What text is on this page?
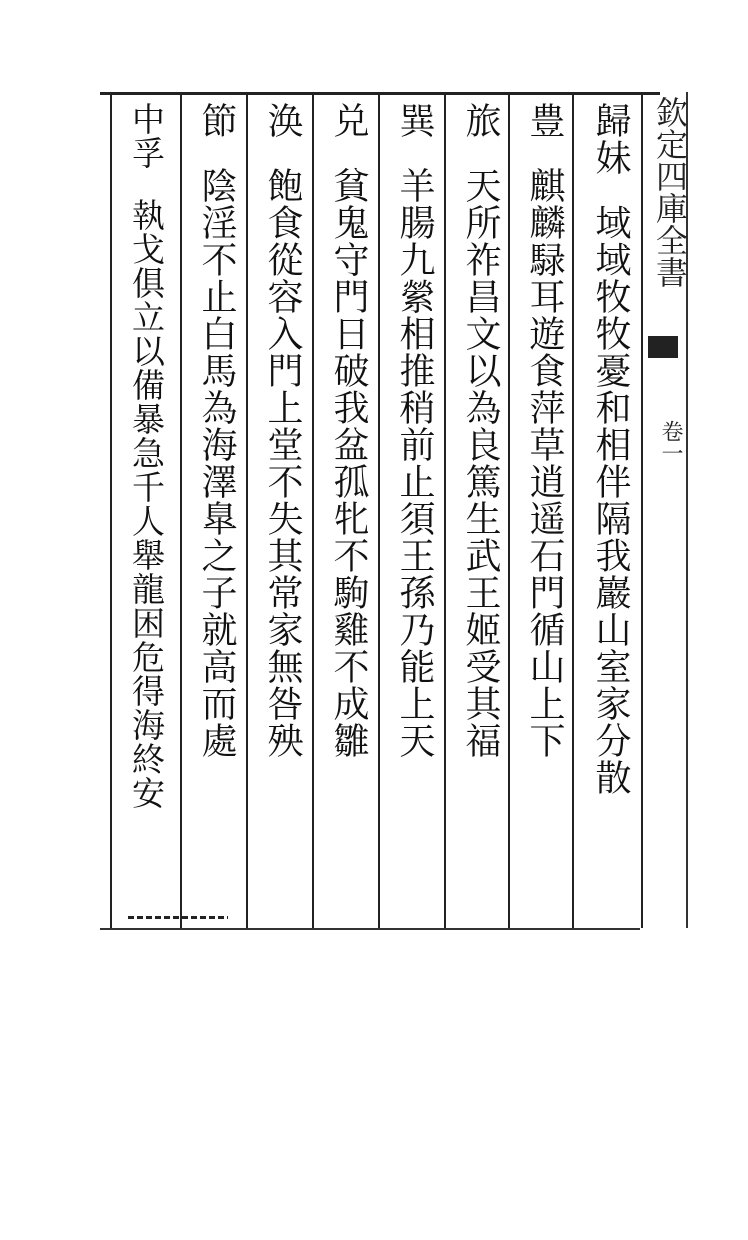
欽定四庫全書
卷一
歸妹域域牧牧憂和相伴隔我巖山室家分散
豊麒麟騄耳遊食萍草逍遥石門循山上下
旅天所祚昌文以為良篤生武王姬受其福
巽羊腸九縈相推稍前止須王孫乃能上天
兑貧鬼守門日破我盆孤牝不駒雞不成雛
涣飽食從容入門上堂不失其常家無咎殃
節陰淫不止白馬為海澤臯之子就高而處
中孚執戈俱立以備暴急千人舉龍困危得海終安
